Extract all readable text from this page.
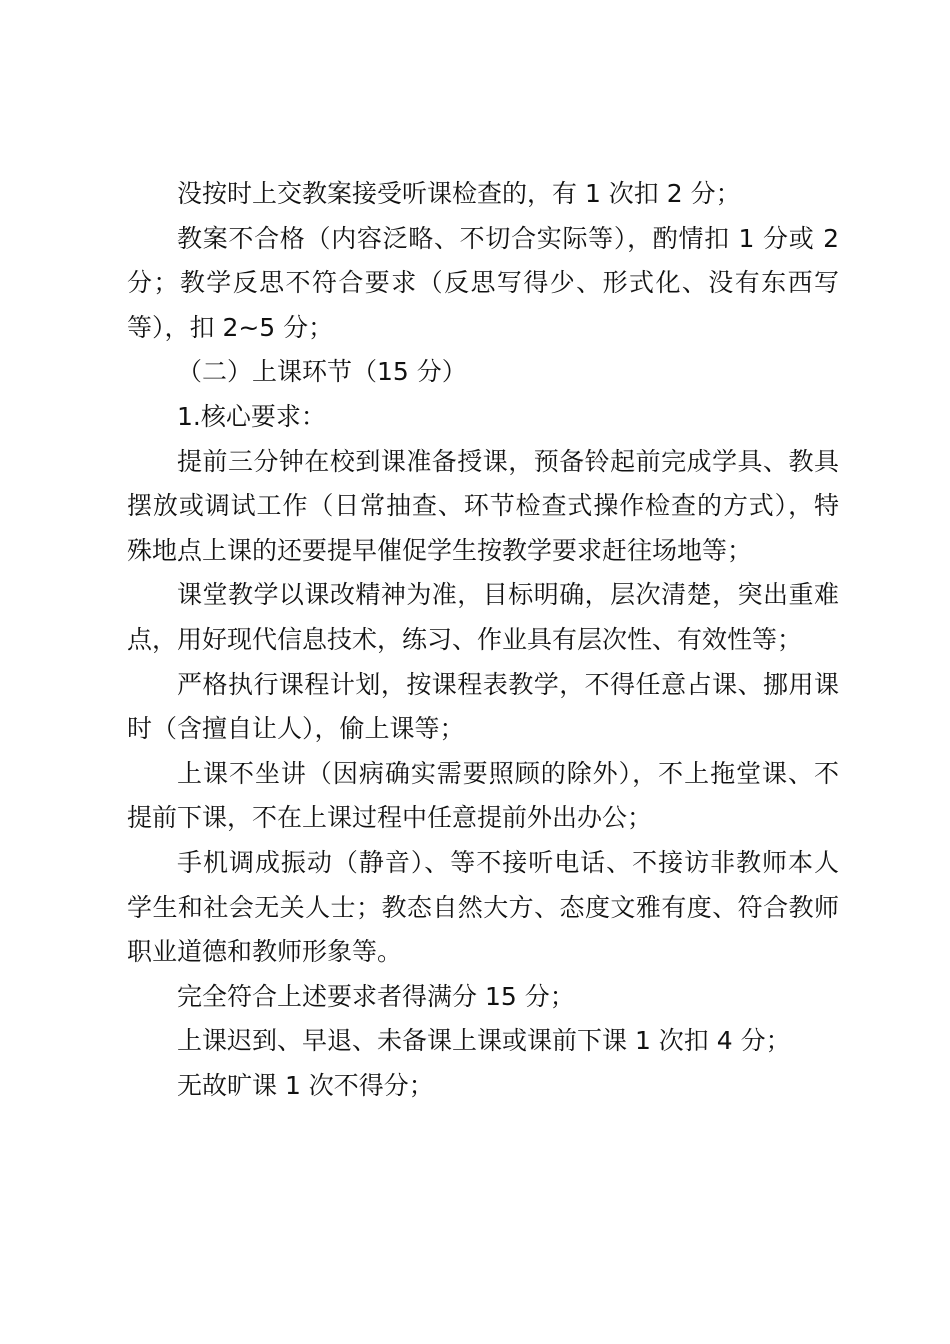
没按时上交教案接受听课检查的，有 1 次扣 2 分；

教案不合格（内容泛略、不切合实际等），酌情扣 1 分或 2 分；教学反思不符合要求（反思写得少、形式化、没有东西写等），扣 2~5 分；

（二）上课环节（15 分）

1.核心要求：

提前三分钟在校到课准备授课，预备铃起前完成学具、教具摆放或调试工作（日常抽查、环节检查式操作检查的方式），特殊地点上课的还要提早催促学生按教学要求赶往场地等；

课堂教学以课改精神为准，目标明确，层次清楚，突出重难点，用好现代信息技术，练习、作业具有层次性、有效性等；

严格执行课程计划，按课程表教学，不得任意占课、挪用课时（含擅自让人），偷上课等；

上课不坐讲（因病确实需要照顾的除外），不上拖堂课、不提前下课，不在上课过程中任意提前外出办公；

手机调成振动（静音）、等不接听电话、不接访非教师本人学生和社会无关人士；教态自然大方、态度文雅有度、符合教师职业道德和教师形象等。

完全符合上述要求者得满分 15 分；

上课迟到、早退、未备课上课或课前下课 1 次扣 4 分；

无故旷课 1 次不得分；
